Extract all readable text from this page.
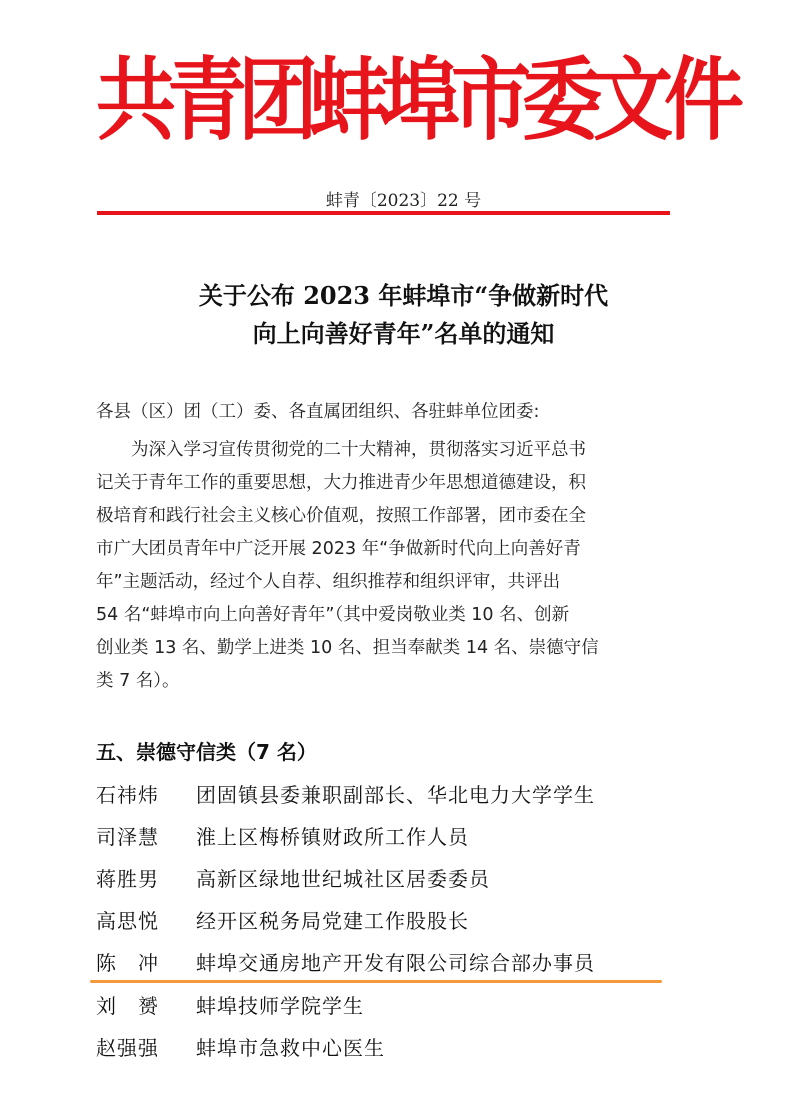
共青团蚌埠市委文件
蚌青〔2023〕22 号
关于公布 2023 年蚌埠市“争做新时代
向上向善好青年”名单的通知
各县（区）团（工）委、各直属团组织、各驻蚌单位团委:
　　为深入学习宣传贯彻党的二十大精神，贯彻落实习近平总书
记关于青年工作的重要思想，大力推进青少年思想道德建设，积
极培育和践行社会主义核心价值观，按照工作部署，团市委在全
市广大团员青年中广泛开展 2023 年“争做新时代向上向善好青
年”主题活动，经过个人自荐、组织推荐和组织评审，共评出
54 名“蚌埠市向上向善好青年”（其中爱岗敬业类 10 名、创新
创业类 13 名、勤学上进类 10 名、担当奉献类 14 名、崇德守信
类 7 名）。
五、崇德守信类（7 名）
石祎炜 团固镇县委兼职副部长、华北电力大学学生
司泽慧 淮上区梅桥镇财政所工作人员
蒋胜男 高新区绿地世纪城社区居委委员
高思悦 经开区税务局党建工作股股长
陈　冲 蚌埠交通房地产开发有限公司综合部办事员
刘　赟 蚌埠技师学院学生
赵强强 蚌埠市急救中心医生
